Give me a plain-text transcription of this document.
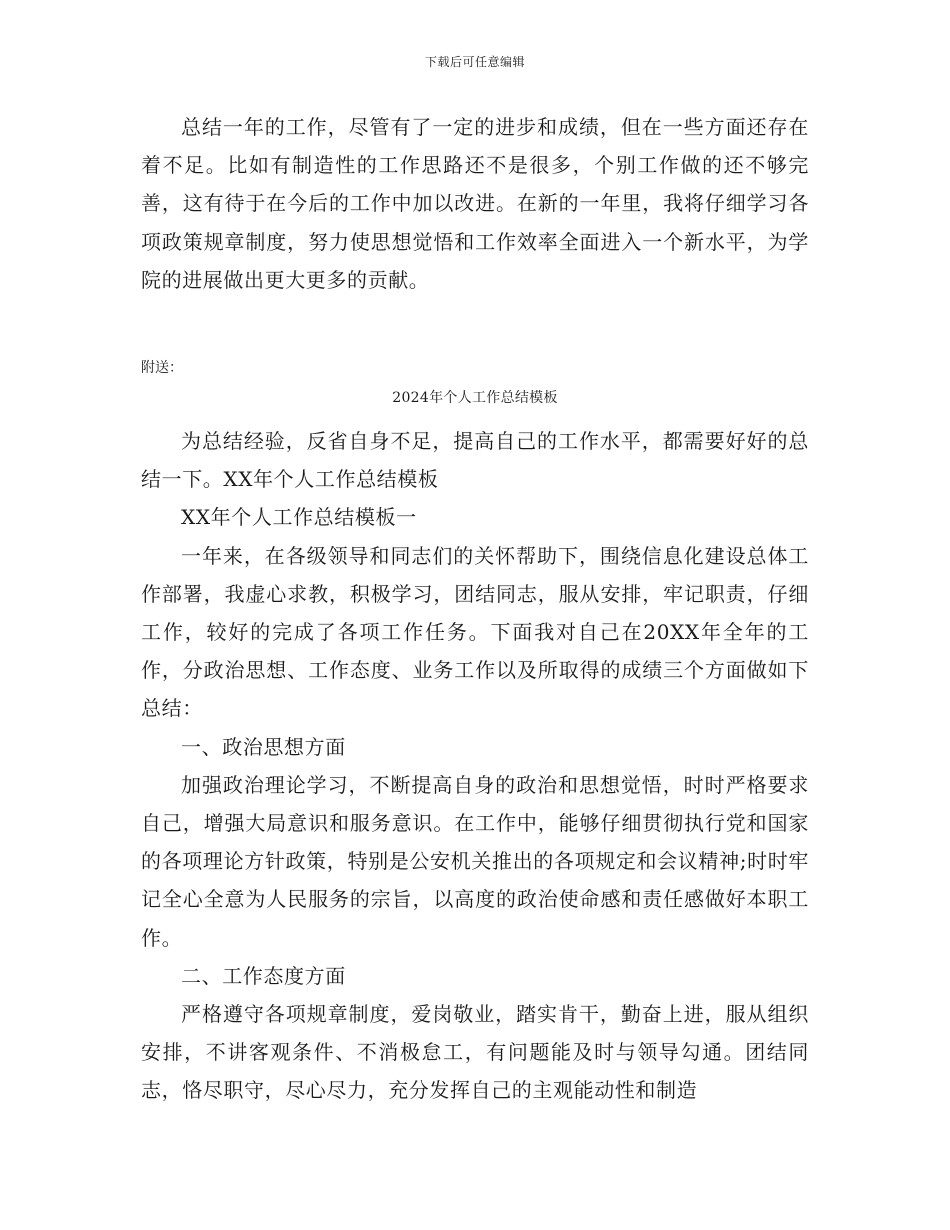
下载后可任意编辑

总结一年的工作，尽管有了一定的进步和成绩，但在一些方面还存在着不足。比如有制造性的工作思路还不是很多，个别工作做的还不够完善，这有待于在今后的工作中加以改进。在新的一年里，我将仔细学习各项政策规章制度，努力使思想觉悟和工作效率全面进入一个新水平，为学院的进展做出更大更多的贡献。

附送：

2024年个人工作总结模板

为总结经验，反省自身不足，提高自己的工作水平，都需要好好的总结一下。XX年个人工作总结模板

XX年个人工作总结模板一

一年来，在各级领导和同志们的关怀帮助下，围绕信息化建设总体工作部署，我虚心求教，积极学习，团结同志，服从安排，牢记职责，仔细工作，较好的完成了各项工作任务。下面我对自己在20XX年全年的工作，分政治思想、工作态度、业务工作以及所取得的成绩三个方面做如下总结：

一、政治思想方面

加强政治理论学习，不断提高自身的政治和思想觉悟，时时严格要求自己，增强大局意识和服务意识。在工作中，能够仔细贯彻执行党和国家的各项理论方针政策，特别是公安机关推出的各项规定和会议精神;时时牢记全心全意为人民服务的宗旨，以高度的政治使命感和责任感做好本职工作。

二、工作态度方面

严格遵守各项规章制度，爱岗敬业，踏实肯干，勤奋上进，服从组织安排，不讲客观条件、不消极怠工，有问题能及时与领导勾通。团结同志，恪尽职守，尽心尽力，充分发挥自己的主观能动性和制造
